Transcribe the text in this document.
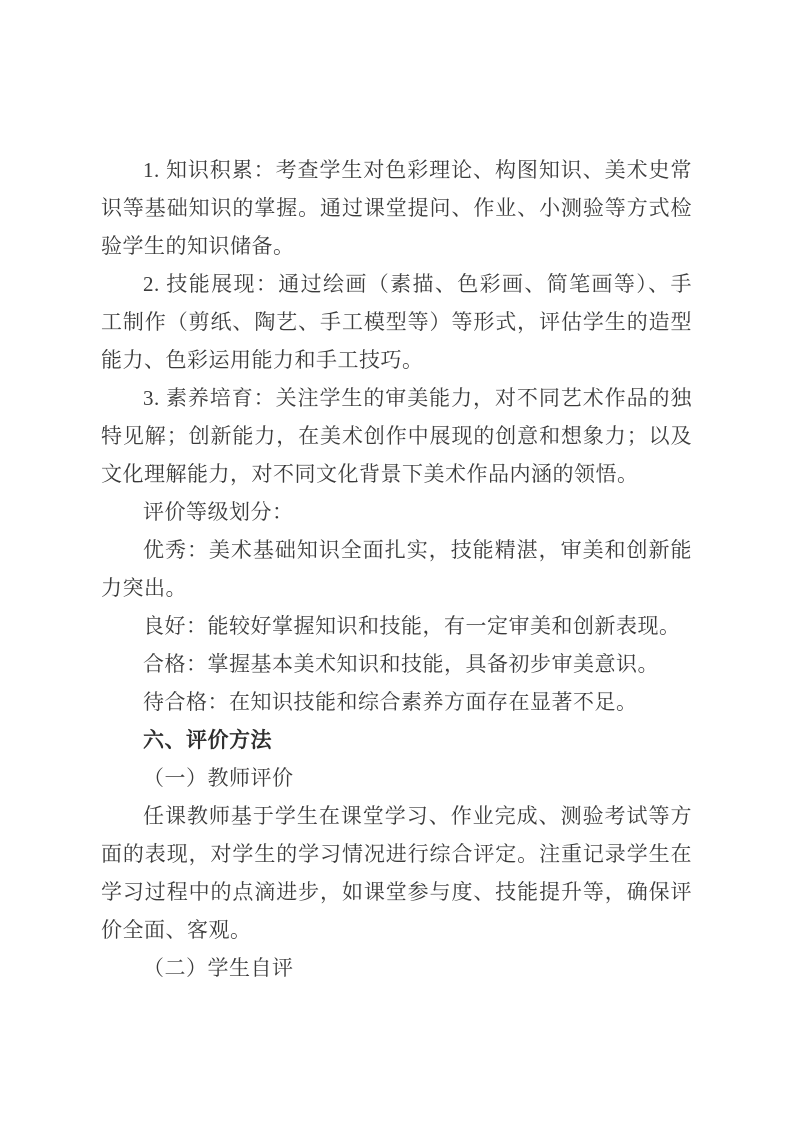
1. 知识积累：考查学生对色彩理论、构图知识、美术史常识等基础知识的掌握。通过课堂提问、作业、小测验等方式检验学生的知识储备。

2. 技能展现：通过绘画（素描、色彩画、简笔画等）、手工制作（剪纸、陶艺、手工模型等）等形式，评估学生的造型能力、色彩运用能力和手工技巧。

3. 素养培育：关注学生的审美能力，对不同艺术作品的独特见解；创新能力，在美术创作中展现的创意和想象力；以及文化理解能力，对不同文化背景下美术作品内涵的领悟。

评价等级划分：

优秀：美术基础知识全面扎实，技能精湛，审美和创新能力突出。

良好：能较好掌握知识和技能，有一定审美和创新表现。

合格：掌握基本美术知识和技能，具备初步审美意识。

待合格：在知识技能和综合素养方面存在显著不足。

六、评价方法

（一）教师评价

任课教师基于学生在课堂学习、作业完成、测验考试等方面的表现，对学生的学习情况进行综合评定。注重记录学生在学习过程中的点滴进步，如课堂参与度、技能提升等，确保评价全面、客观。

（二）学生自评
